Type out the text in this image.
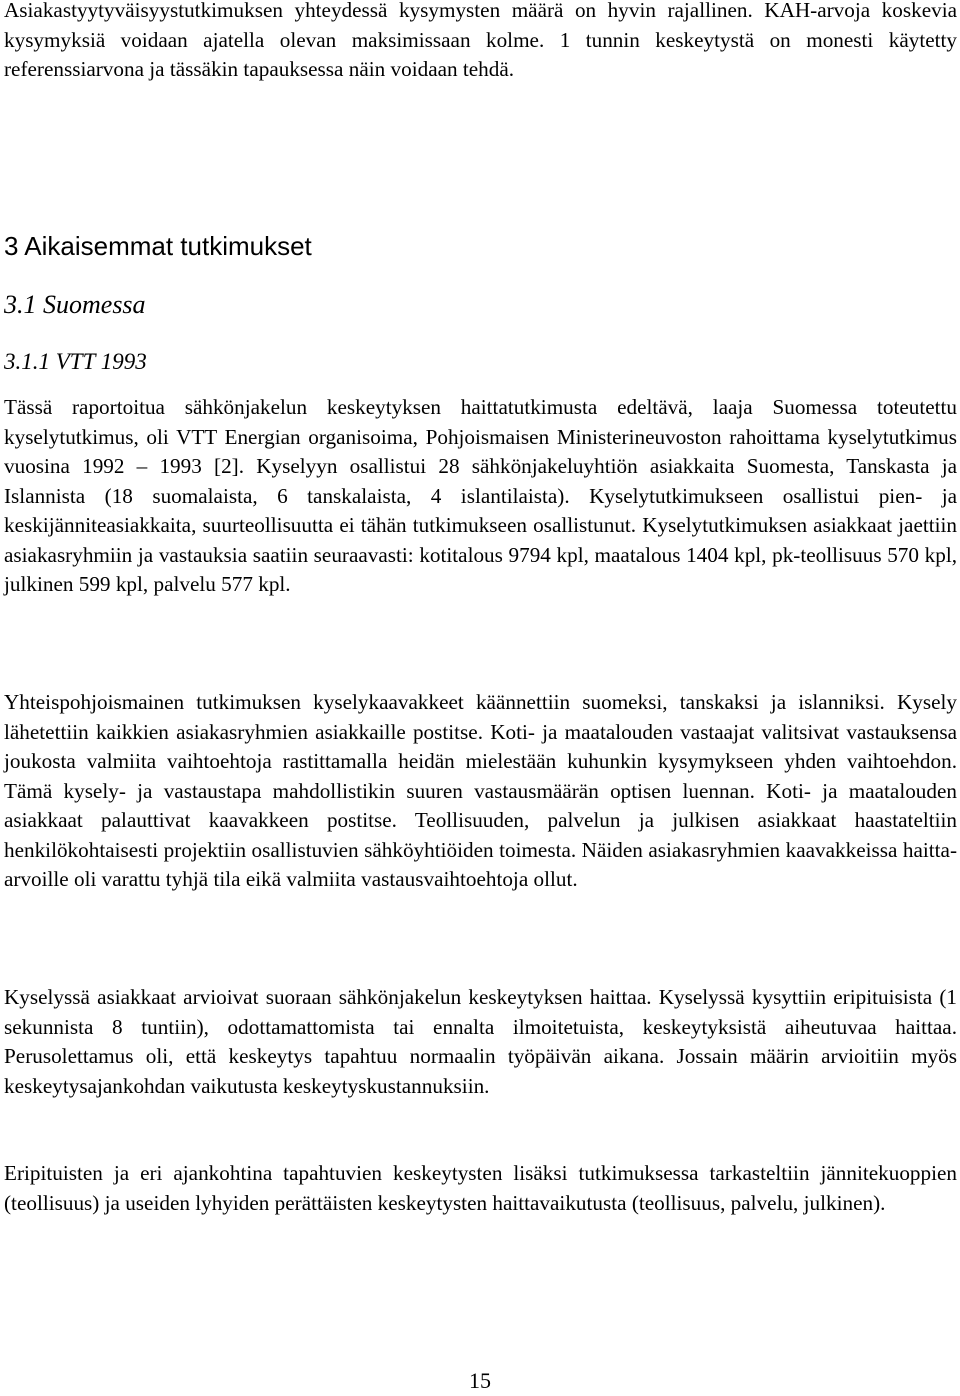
Asiakastyytyväisyystutkimuksen yhteydessä kysymysten määrä on hyvin rajallinen. KAH-arvoja koskevia kysymyksiä voidaan ajatella olevan maksimissaan kolme. 1 tunnin keskeytystä on monesti käytetty referenssiarvona ja tässäkin tapauksessa näin voidaan tehdä.

3 Aikaisemmat tutkimukset
3.1 Suomessa
3.1.1 VTT 1993

Tässä raportoitua sähkönjakelun keskeytyksen haittatutkimusta edeltävä, laaja Suomessa toteutettu kyselytutkimus, oli VTT Energian organisoima, Pohjoismaisen Ministerineuvoston rahoittama kyselytutkimus vuosina 1992 – 1993 [2]. Kyselyyn osallistui 28 sähkönjakeluyhtiön asiakkaita Suomesta, Tanskasta ja Islannista (18 suomalaista, 6 tanskalaista, 4 islantilaista). Kyselytutkimukseen osallistui pien- ja keskijänniteasiakkaita, suurteollisuutta ei tähän tutkimukseen osallistunut. Kyselytutkimuksen asiakkaat jaettiin asiakasryhmiin ja vastauksia saatiin seuraavasti: kotitalous 9794 kpl, maatalous 1404 kpl, pk-teollisuus 570 kpl, julkinen 599 kpl, palvelu 577 kpl.

Yhteispohjoismainen tutkimuksen kyselykaavakkeet käännettiin suomeksi, tanskaksi ja islanniksi. Kysely lähetettiin kaikkien asiakasryhmien asiakkaille postitse. Koti- ja maatalouden vastaajat valitsivat vastauksensa joukosta valmiita vaihtoehtoja rastittamalla heidän mielestään kuhunkin kysymykseen yhden vaihtoehdon. Tämä kysely- ja vastaustapa mahdollistikin suuren vastausmäärän optisen luennan. Koti- ja maatalouden asiakkaat palauttivat kaavakkeen postitse. Teollisuuden, palvelun ja julkisen asiakkaat haastateltiin henkilökohtaisesti projektiin osallistuvien sähköyhtiöiden toimesta. Näiden asiakasryhmien kaavakkeissa haitta-arvoille oli varattu tyhjä tila eikä valmiita vastausvaihtoehtoja ollut.

Kyselyssä asiakkaat arvioivat suoraan sähkönjakelun keskeytyksen haittaa. Kyselyssä kysyttiin eripituisista (1 sekunnista 8 tuntiin), odottamattomista tai ennalta ilmoitetuista, keskeytyksistä aiheutuvaa haittaa. Perusolettamus oli, että keskeytys tapahtuu normaalin työpäivän aikana. Jossain määrin arvioitiin myös keskeytysajankohdan vaikutusta keskeytyskustannuksiin.

Eripituisten ja eri ajankohtina tapahtuvien keskeytysten lisäksi tutkimuksessa tarkasteltiin jännitekuoppien (teollisuus) ja useiden lyhyiden perättäisten keskeytysten haittavaikutusta (teollisuus, palvelu, julkinen).

15
